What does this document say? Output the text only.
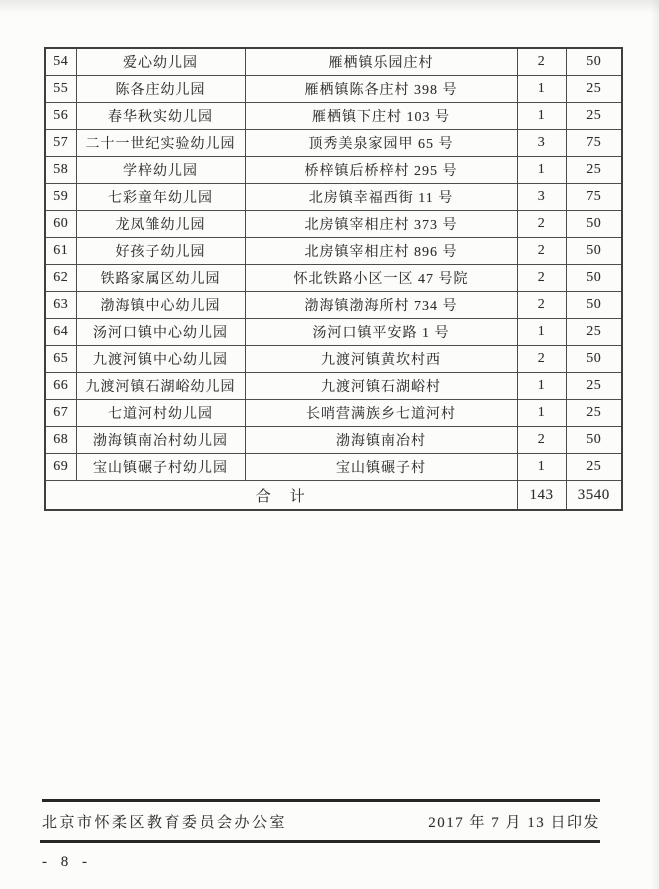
54	爱心幼儿园	雁栖镇乐园庄村	2	50
55	陈各庄幼儿园	雁栖镇陈各庄村 398 号	1	25
56	春华秋实幼儿园	雁栖镇下庄村 103 号	1	25
57	二十一世纪实验幼儿园	顶秀美泉家园甲 65 号	3	75
58	学梓幼儿园	桥梓镇后桥梓村 295 号	1	25
59	七彩童年幼儿园	北房镇幸福西街 11 号	3	75
60	龙凤雏幼儿园	北房镇宰相庄村 373 号	2	50
61	好孩子幼儿园	北房镇宰相庄村 896 号	2	50
62	铁路家属区幼儿园	怀北铁路小区一区 47 号院	2	50
63	渤海镇中心幼儿园	渤海镇渤海所村 734 号	2	50
64	汤河口镇中心幼儿园	汤河口镇平安路 1 号	1	25
65	九渡河镇中心幼儿园	九渡河镇黄坎村西	2	50
66	九渡河镇石湖峪幼儿园	九渡河镇石湖峪村	1	25
67	七道河村幼儿园	长哨营满族乡七道河村	1	25
68	渤海镇南冶村幼儿园	渤海镇南冶村	2	50
69	宝山镇碾子村幼儿园	宝山镇碾子村	1	25
合　计			143	3540
北京市怀柔区教育委员会办公室	2017 年 7 月 13 日印发
- 8 -
